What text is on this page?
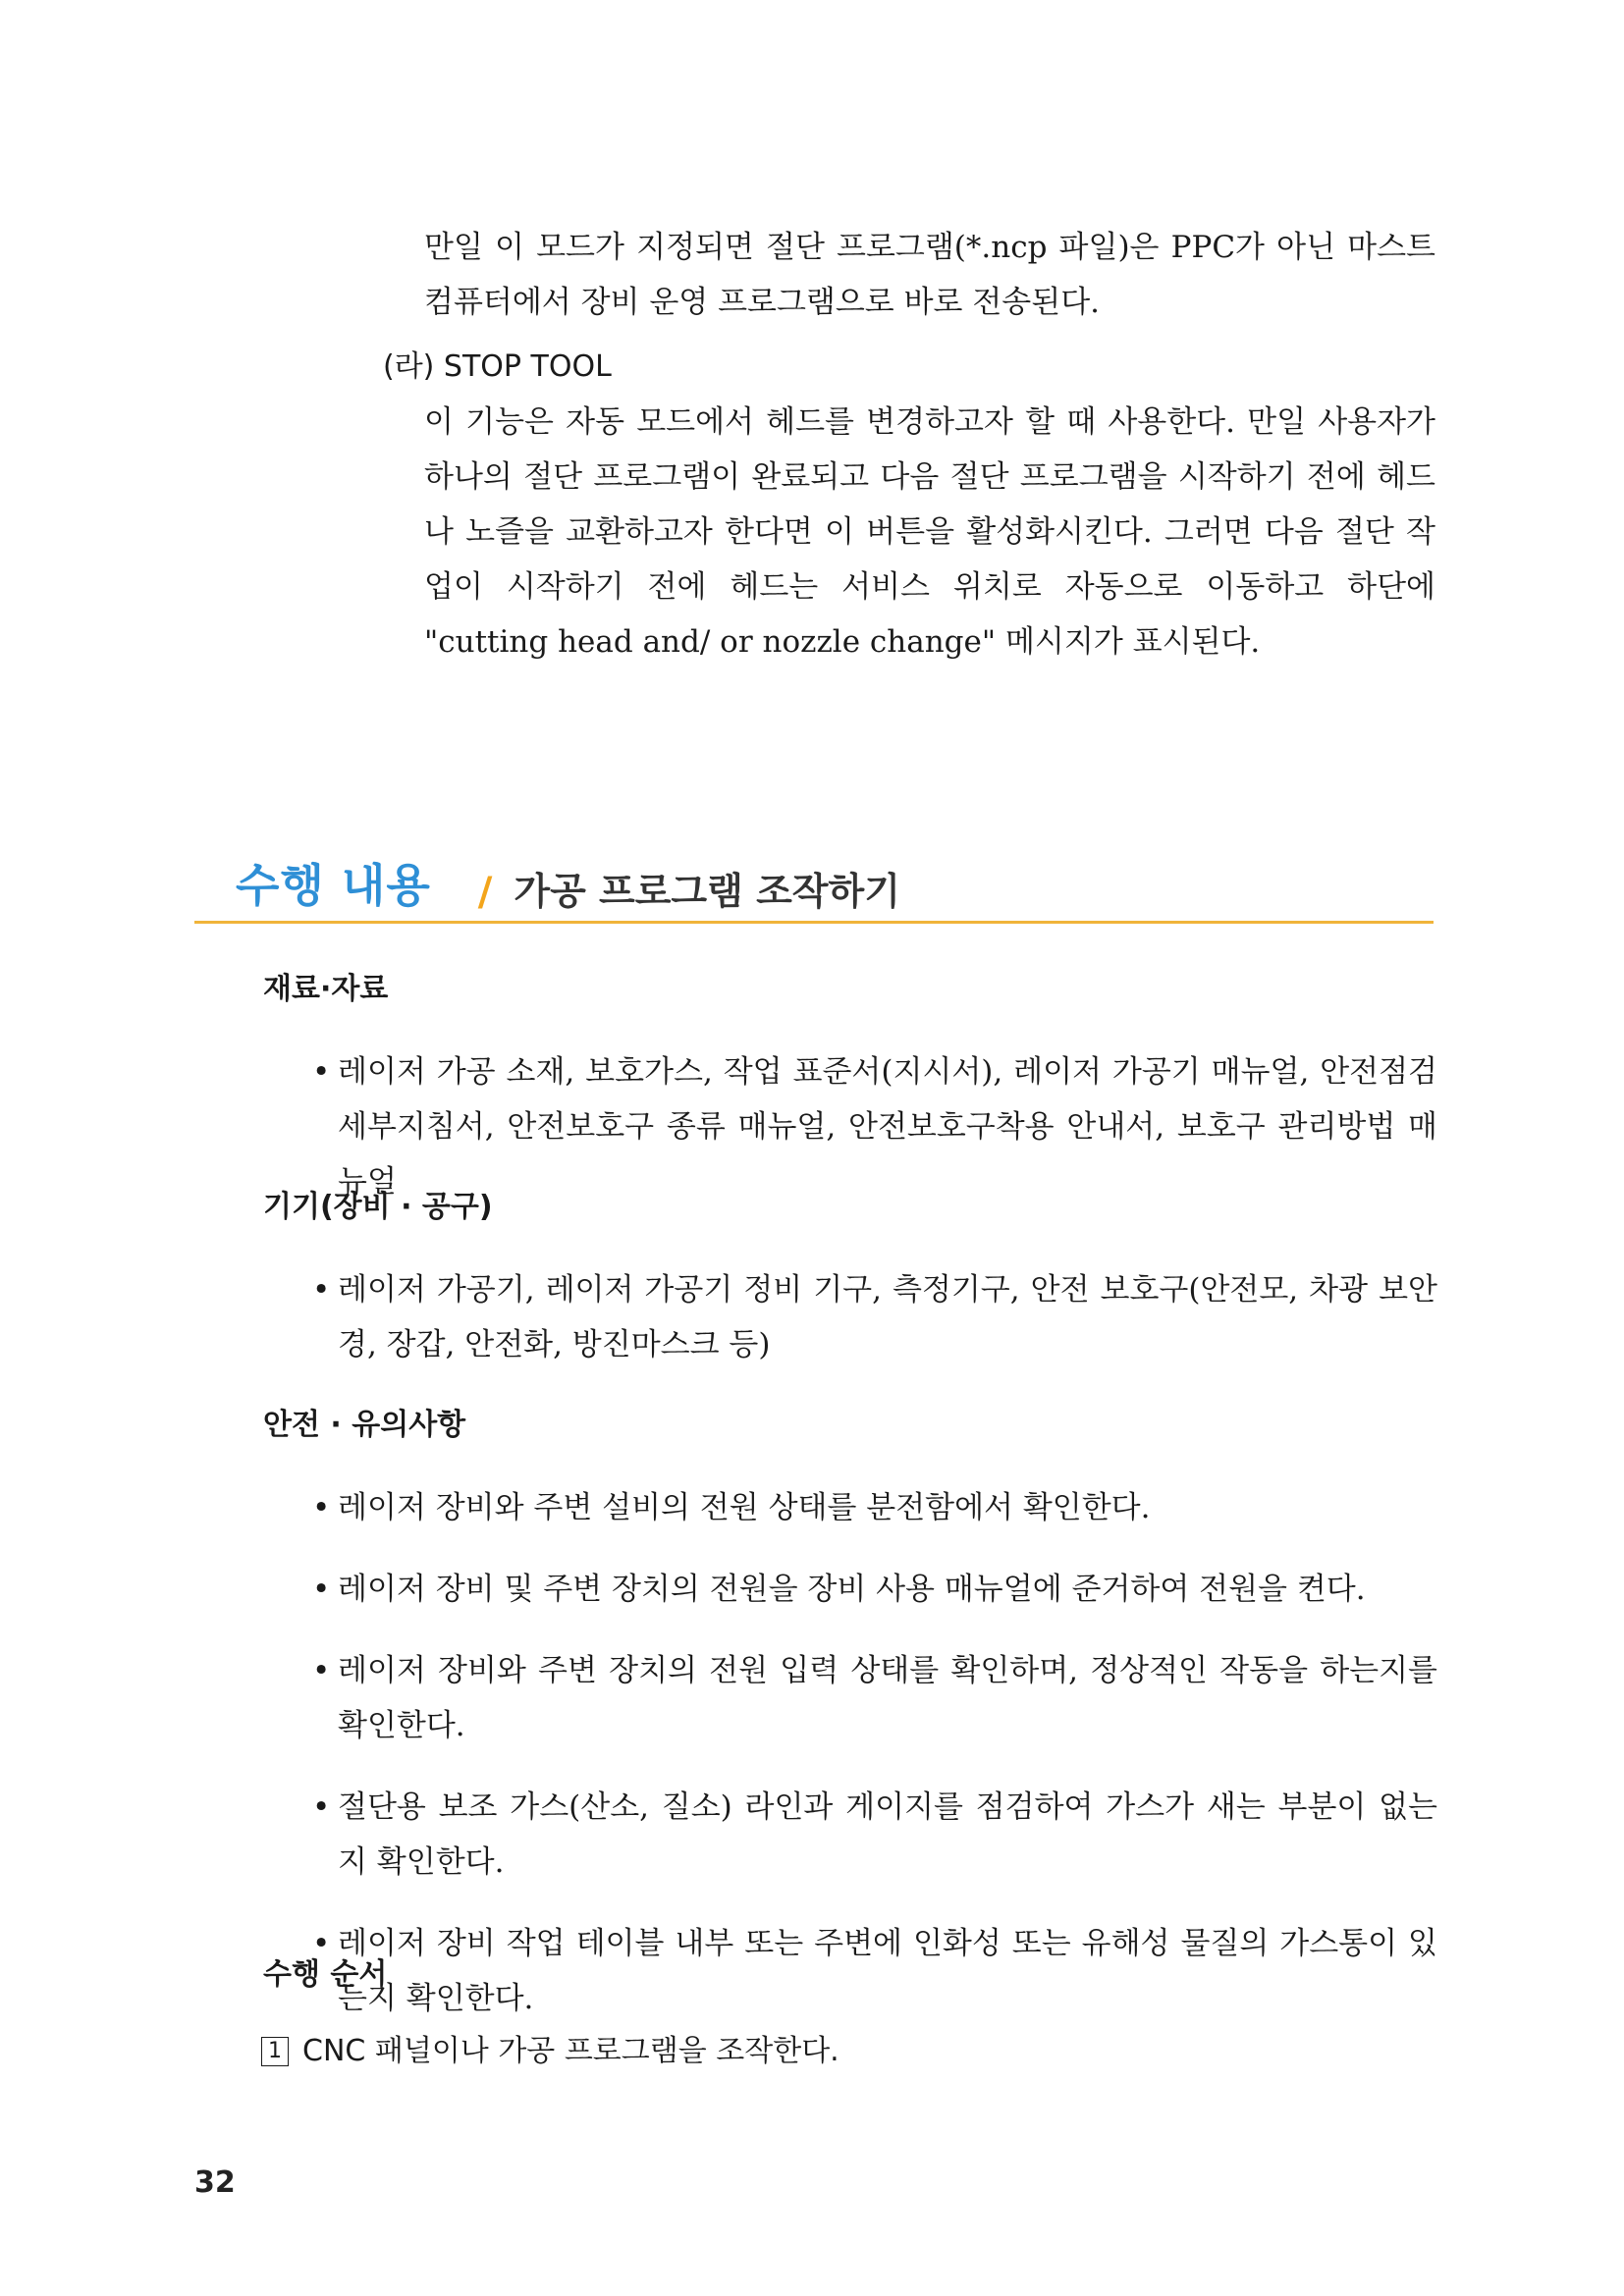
만일 이 모드가 지정되면 절단 프로그램(*.ncp 파일)은 PPC가 아닌 마스트 컴퓨터에서 장비 운영 프로그램으로 바로 전송된다.

(라) STOP TOOL

이 기능은 자동 모드에서 헤드를 변경하고자 할 때 사용한다. 만일 사용자가 하나의 절단 프로그램이 완료되고 다음 절단 프로그램을 시작하기 전에 헤드나 노즐을 교환하고자 한다면 이 버튼을 활성화시킨다. 그러면 다음 절단 작업이 시작하기 전에 헤드는 서비스 위치로 자동으로 이동하고 하단에 "cutting head and/ or nozzle change" 메시지가 표시된다.

수행 내용 / 가공 프로그램 조작하기
재료·자료
• 레이저 가공 소재, 보호가스, 작업 표준서(지시서), 레이저 가공기 매뉴얼, 안전점검 세부지침서, 안전보호구 종류 매뉴얼, 안전보호구착용 안내서, 보호구 관리방법 매뉴얼
기기(장비 · 공구)
• 레이저 가공기, 레이저 가공기 정비 기구, 측정기구, 안전 보호구(안전모, 차광 보안경, 장갑, 안전화, 방진마스크 등)
안전 · 유의사항
• 레이저 장비와 주변 설비의 전원 상태를 분전함에서 확인한다.
• 레이저 장비 및 주변 장치의 전원을 장비 사용 매뉴얼에 준거하여 전원을 켠다.
• 레이저 장비와 주변 장치의 전원 입력 상태를 확인하며, 정상적인 작동을 하는지를 확인한다.
• 절단용 보조 가스(산소, 질소) 라인과 게이지를 점검하여 가스가 새는 부분이 없는지 확인한다.
• 레이저 장비 작업 테이블 내부 또는 주변에 인화성 또는 유해성 물질의 가스통이 있는지 확인한다.
수행 순서
1 CNC 패널이나 가공 프로그램을 조작한다.
32
